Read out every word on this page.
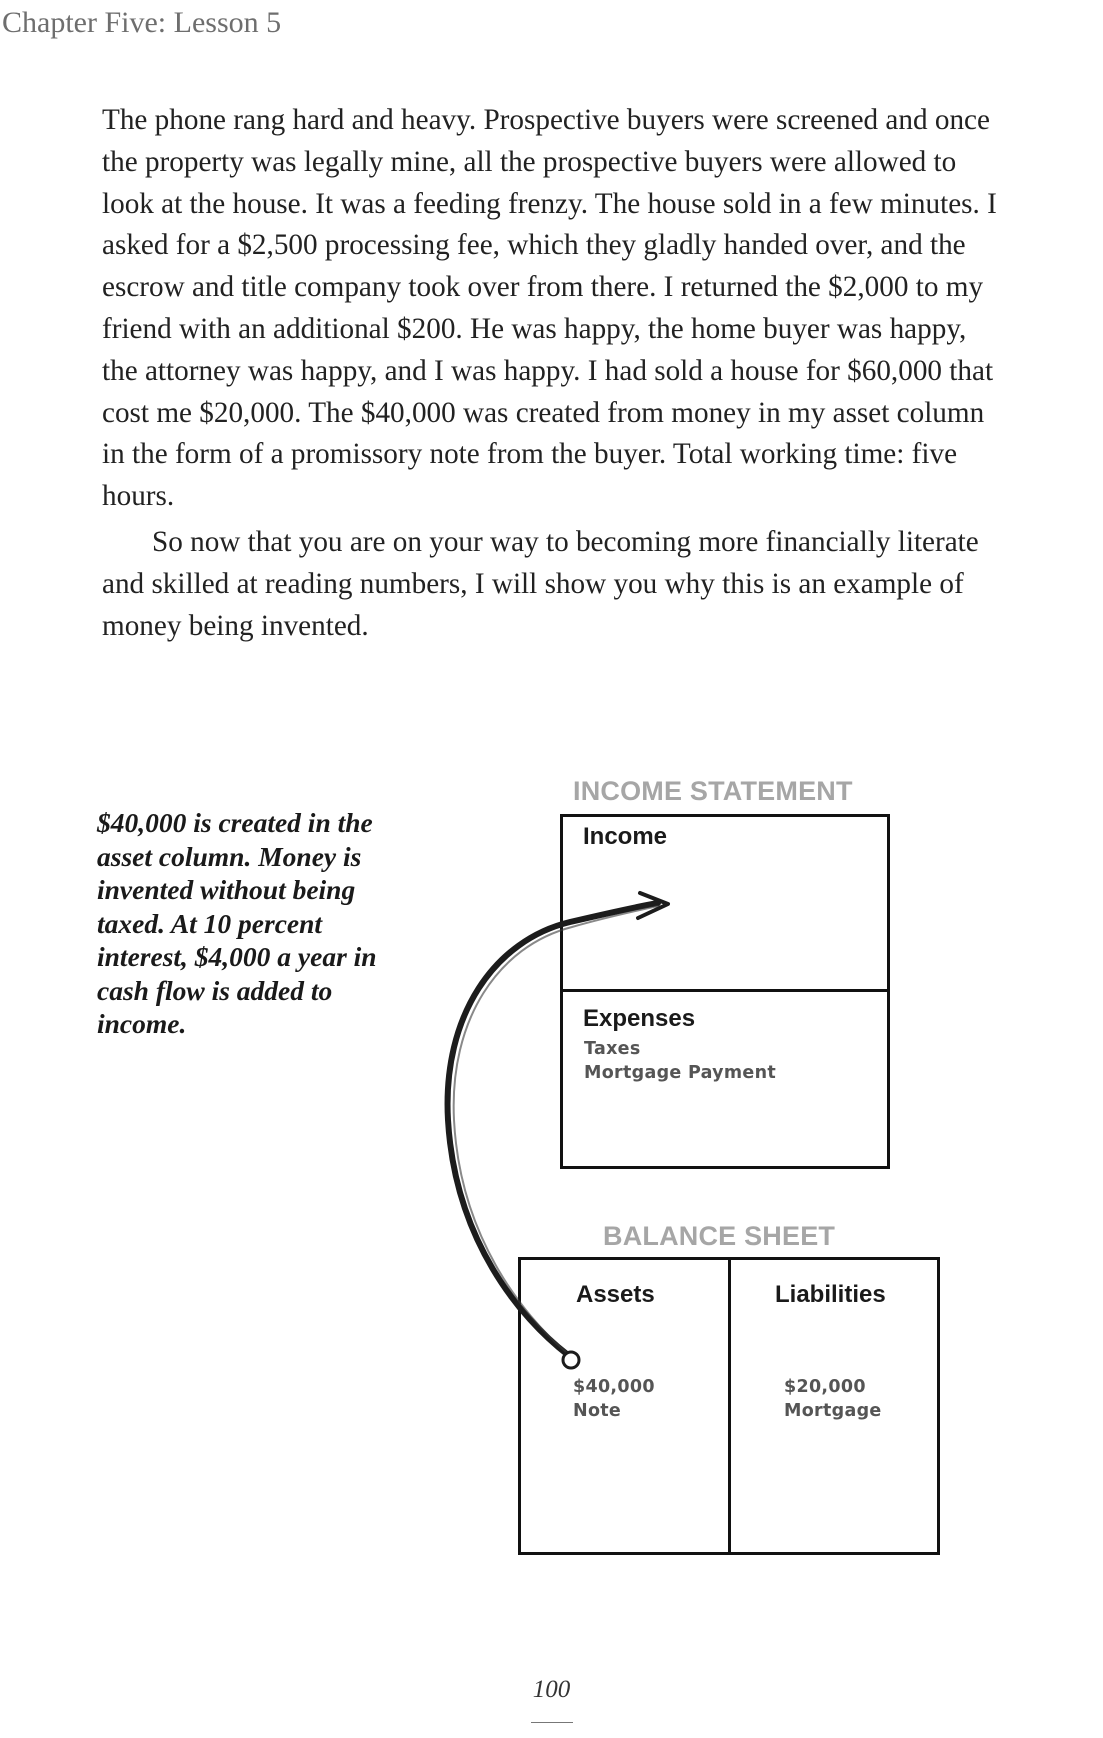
Chapter Five: Lesson 5

The phone rang hard and heavy. Prospective buyers were screened and once the property was legally mine, all the prospective buyers were allowed to look at the house. It was a feeding frenzy. The house sold in a few minutes. I asked for a $2,500 processing fee, which they gladly handed over, and the escrow and title company took over from there. I returned the $2,000 to my friend with an additional $200. He was happy, the home buyer was happy, the attorney was happy, and I was happy. I had sold a house for $60,000 that cost me $20,000. The $40,000 was created from money in my asset column in the form of a promissory note from the buyer. Total working time: five hours.

So now that you are on your way to becoming more financially literate and skilled at reading numbers, I will show you why this is an example of money being invented.

$40,000 is created in the asset column. Money is invented without being taxed. At 10 percent interest, $4,000 a year in cash flow is added to income.
INCOME STATEMENT
Income
Expenses
Taxes
Mortgage Payment
BALANCE SHEET
Assets	Liabilities
$40,000
Note
$20,000
Mortgage
100
